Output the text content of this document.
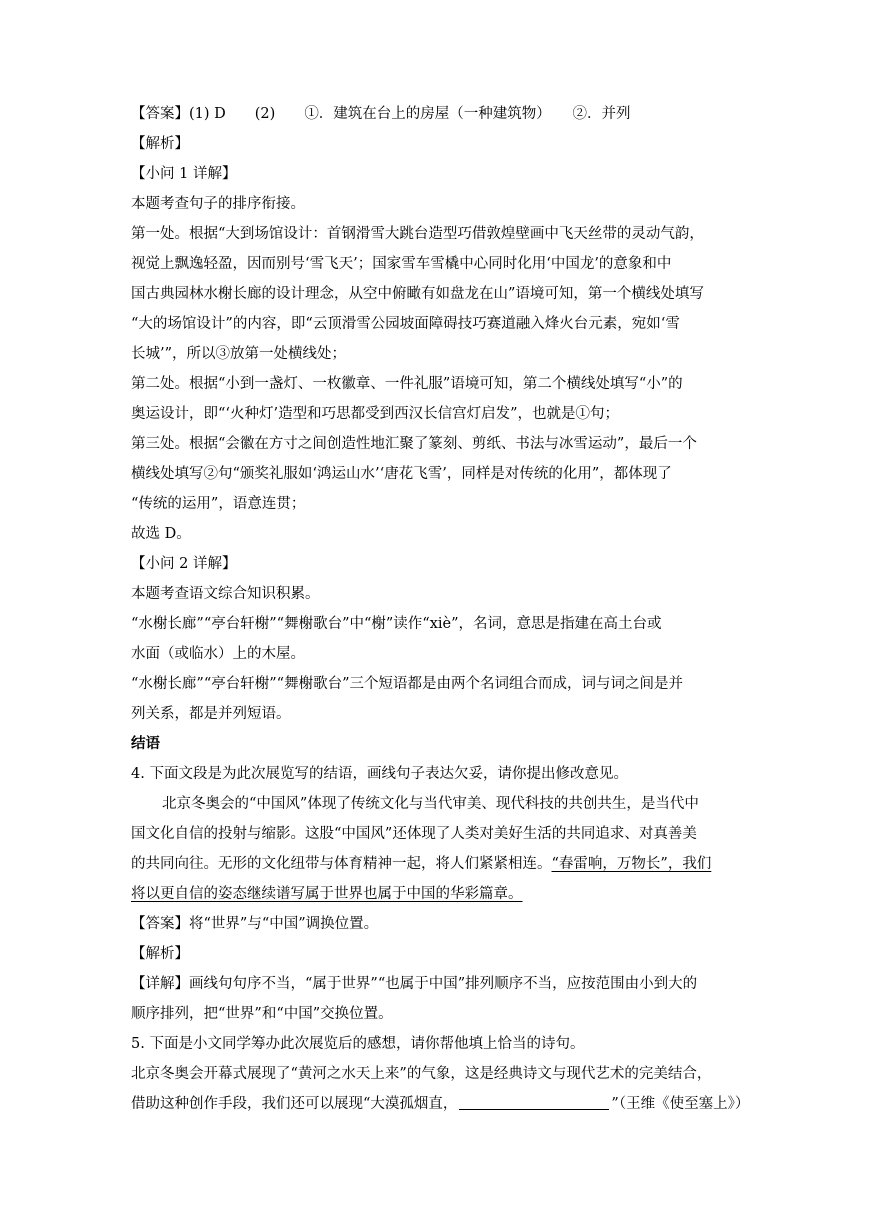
【答案】(1) D　　(2)　　①．建筑在台上的房屋（一种建筑物）　　②．并列
【解析】
【小问 1 详解】
本题考查句子的排序衔接。
第一处。根据“大到场馆设计：首钢滑雪大跳台造型巧借敦煌壁画中飞天丝带的灵动气韵，
视觉上飘逸轻盈，因而别号‘雪飞天’；国家雪车雪橇中心同时化用‘中国龙’的意象和中
国古典园林水榭长廊的设计理念，从空中俯瞰有如盘龙在山”语境可知，第一个横线处填写
“大的场馆设计”的内容，即“云顶滑雪公园坡面障碍技巧赛道融入烽火台元素，宛如‘雪
长城’”，所以③放第一处横线处；
第二处。根据“小到一盏灯、一枚徽章、一件礼服”语境可知，第二个横线处填写“小”的
奥运设计，即“‘火种灯’造型和巧思都受到西汉长信宫灯启发”，也就是①句；
第三处。根据“会徽在方寸之间创造性地汇聚了篆刻、剪纸、书法与冰雪运动”，最后一个
横线处填写②句“颁奖礼服如‘鸿运山水’‘唐花飞雪’，同样是对传统的化用”，都体现了
“传统的运用”，语意连贯；
故选 D。
【小问 2 详解】
本题考查语文综合知识积累。
“水榭长廊”“亭台轩榭”“舞榭歌台”中“榭”读作“xiè”，名词，意思是指建在高土台或
水面（或临水）上的木屋。
“水榭长廊”“亭台轩榭”“舞榭歌台”三个短语都是由两个名词组合而成，词与词之间是并
列关系，都是并列短语。
结语
4. 下面文段是为此次展览写的结语，画线句子表达欠妥，请你提出修改意见。
北京冬奥会的“中国风”体现了传统文化与当代审美、现代科技的共创共生，是当代中
国文化自信的投射与缩影。这股“中国风”还体现了人类对美好生活的共同追求、对真善美
的共同向往。无形的文化纽带与体育精神一起，将人们紧紧相连。“春雷响，万物长”，我们
将以更自信的姿态继续谱写属于世界也属于中国的华彩篇章。
【答案】将“世界”与“中国”调换位置。
【解析】
【详解】画线句句序不当，“属于世界”“也属于中国”排列顺序不当，应按范围由小到大的
顺序排列，把“世界”和“中国”交换位置。
5. 下面是小文同学筹办此次展览后的感想，请你帮他填上恰当的诗句。
北京冬奥会开幕式展现了“黄河之水天上来”的气象，这是经典诗文与现代艺术的完美结合，
借助这种创作手段，我们还可以展现“大漠孤烟直，	”（王维《使至塞上》）
